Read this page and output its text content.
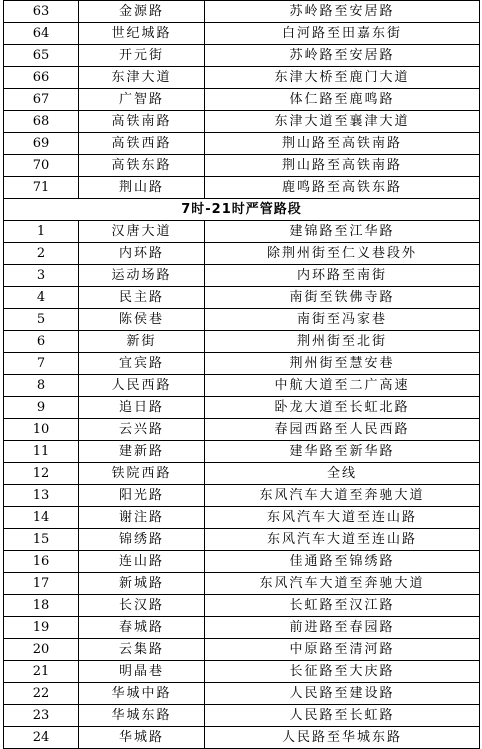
63	金源路	苏岭路至安居路
64	世纪城路	白河路至田嘉东街
65	开元街	苏岭路至安居路
66	东津大道	东津大桥至鹿门大道
67	广智路	体仁路至鹿鸣路
68	高铁南路	东津大道至襄津大道
69	高铁西路	荆山路至高铁南路
70	高铁东路	荆山路至高铁南路
71	荆山路	鹿鸣路至高铁东路
7时-21时严管路段		
1	汉唐大道	建锦路至江华路
2	内环路	除荆州街至仁义巷段外
3	运动场路	内环路至南街
4	民主路	南街至铁佛寺路
5	陈侯巷	南街至冯家巷
6	新街	荆州街至北街
7	宜宾路	荆州街至慧安巷
8	人民西路	中航大道至二广高速
9	追日路	卧龙大道至长虹北路
10	云兴路	春园西路至人民西路
11	建新路	建华路至新华路
12	铁院西路	全线
13	阳光路	东风汽车大道至奔驰大道
14	谢注路	东风汽车大道至连山路
15	锦绣路	东风汽车大道至连山路
16	连山路	佳通路至锦绣路
17	新城路	东风汽车大道至奔驰大道
18	长汉路	长虹路至汉江路
19	春城路	前进路至春园路
20	云集路	中原路至清河路
21	明晶巷	长征路至大庆路
22	华城中路	人民路至建设路
23	华城东路	人民路至长虹路
24	华城路	人民路至华城东路
